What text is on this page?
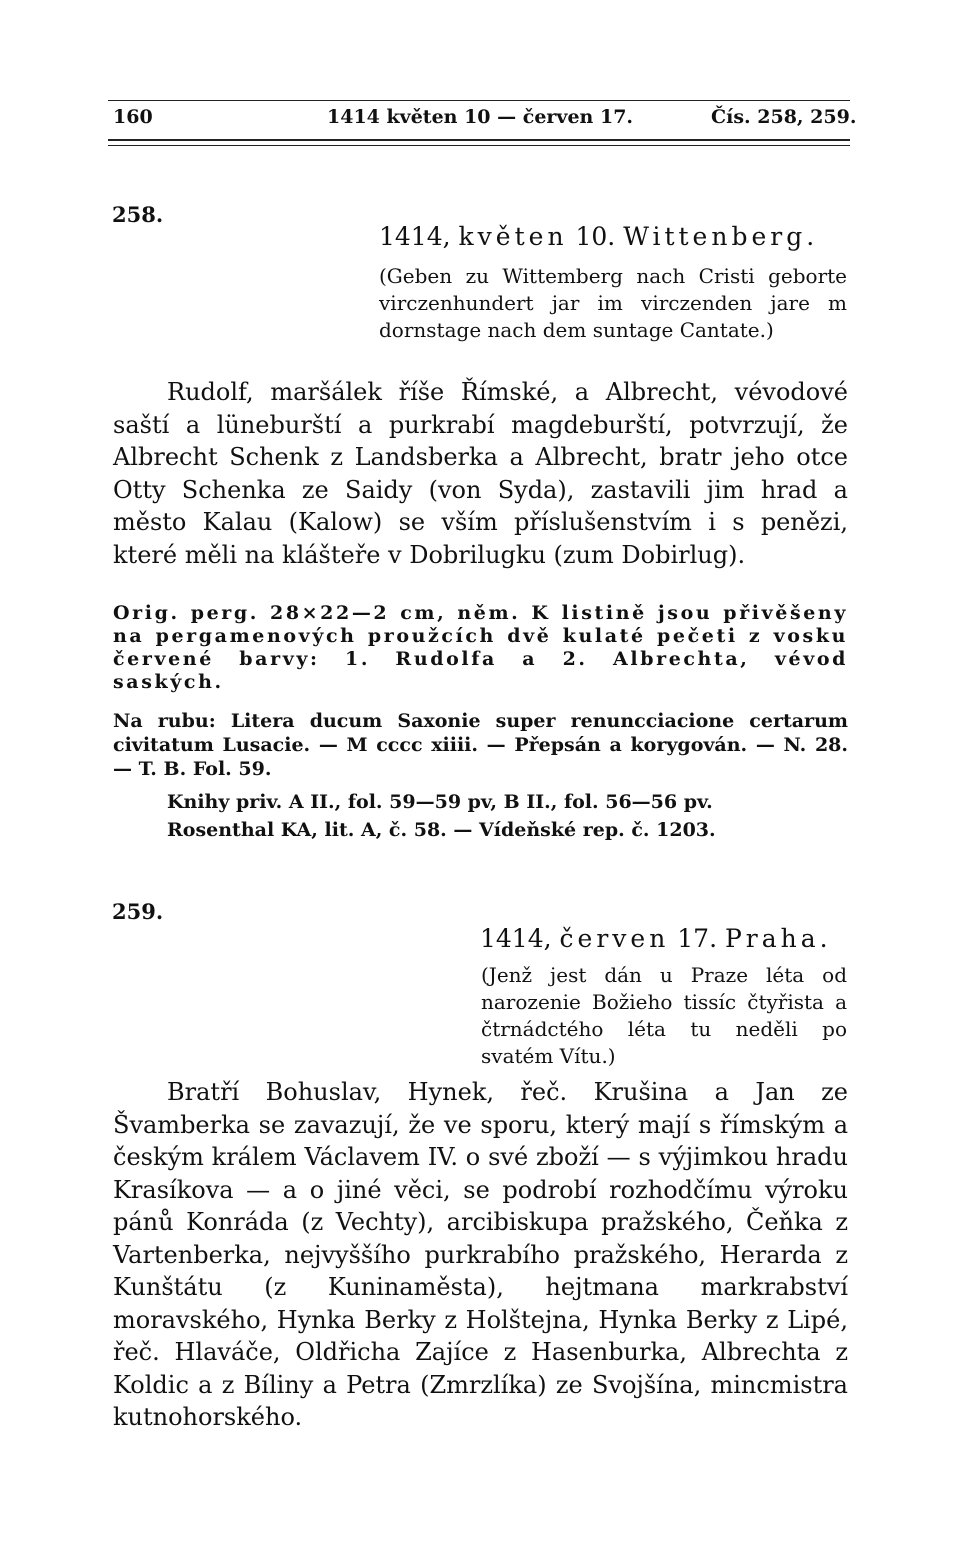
160	1414 květen 10 — červen 17.	Čís. 258, 259.
258.
1414, květen 10. Wittenberg.

(Geben zu Wittemberg nach Cristi geborte virczenhundert jar im virczenden jare m dornstage nach dem suntage Cantate.)

Rudolf, maršálek říše Římské, a Albrecht, vévodové saští a lüneburští a purkrabí magdeburští, potvrzují, že Albrecht Schenk z Landsberka a Albrecht, bratr jeho otce Otty Schenka ze Saidy (von Syda), zastavili jim hrad a město Kalau (Kalow) se vším příslušenstvím i s penězi, které měli na klášteře v Dobrilugku (zum Dobirlug).

Orig. perg. 28×22—2 cm, něm. K listině jsou přivěšeny na pergamenových proužcích dvě kulaté pečeti z vosku červené barvy: 1. Rudolfa a 2. Albrechta, vévod saských.

Na rubu: Litera ducum Saxonie super renuncciacione certarum civitatum Lusacie. — M cccc xiiii. — Přepsán a korygován. — N. 28. — T. B. Fol. 59.

Knihy priv. A II., fol. 59—59 pv, B II., fol. 56—56 pv.

Rosenthal KA, lit. A, č. 58. — Vídeňské rep. č. 1203.

259.
1414, červen 17. Praha.

(Jenž jest dán u Praze léta od narozenie Božieho tissíc čtyřista a čtrnádctého léta tu neděli po svatém Vítu.)

Bratří Bohuslav, Hynek, řeč. Krušina a Jan ze Švamberka se zavazují, že ve sporu, který mají s římským a českým králem Václavem IV. o své zboží — s výjimkou hradu Krasíkova — a o jiné věci, se podrobí rozhodčímu výroku pánů Konráda (z Vechty), arcibiskupa pražského, Čeňka z Vartenberka, nejvyššího purkrabího pražského, Herarda z Kunštátu (z Kuninaměsta), hejtmana markrabství moravského, Hynka Berky z Holštejna, Hynka Berky z Lipé, řeč. Hlaváče, Oldřicha Zajíce z Hasenburka, Albrechta z Koldic a z Bíliny a Petra (Zmrzlíka) ze Svojšína, mincmistra kutnohorského.
